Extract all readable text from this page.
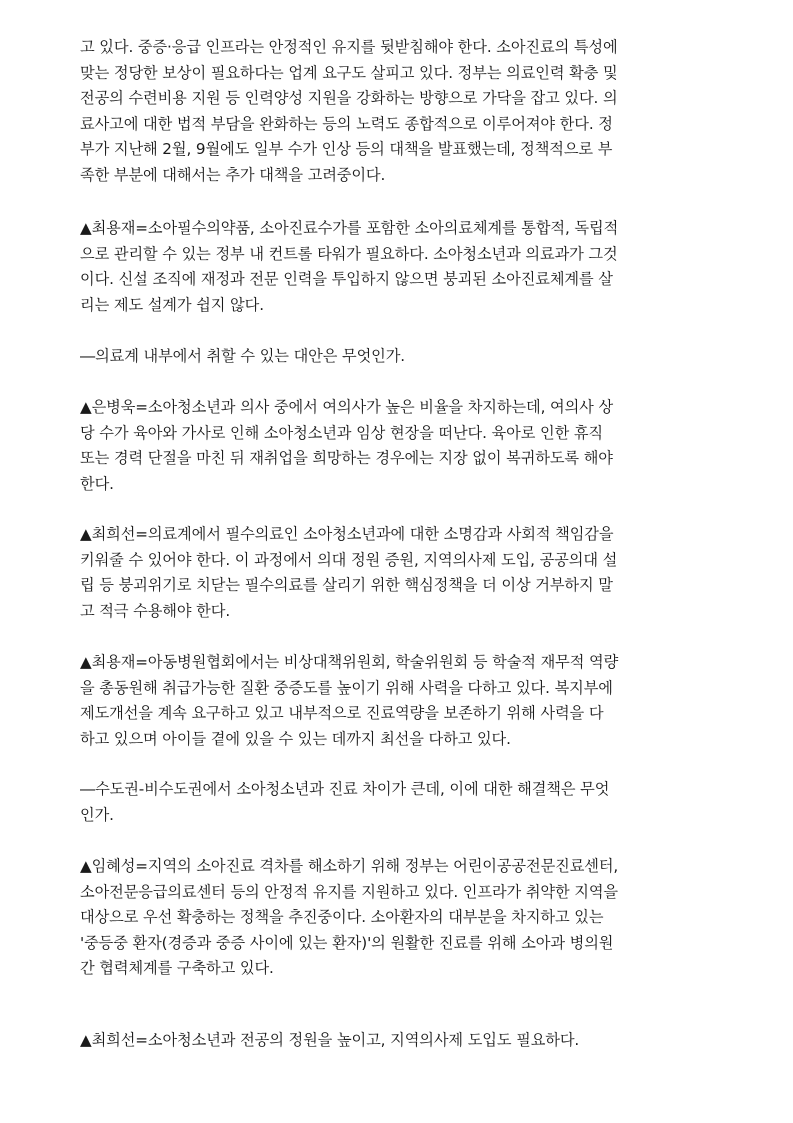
고 있다. 중증·응급 인프라는 안정적인 유지를 뒷받침해야 한다. 소아진료의 특성에
맞는 정당한 보상이 필요하다는 업계 요구도 살피고 있다. 정부는 의료인력 확충 및
전공의 수련비용 지원 등 인력양성 지원을 강화하는 방향으로 가닥을 잡고 있다. 의
료사고에 대한 법적 부담을 완화하는 등의 노력도 종합적으로 이루어져야 한다. 정
부가 지난해 2월, 9월에도 일부 수가 인상 등의 대책을 발표했는데, 정책적으로 부
족한 부분에 대해서는 추가 대책을 고려중이다.
▲최용재=소아필수의약품, 소아진료수가를 포함한 소아의료체계를 통합적, 독립적
으로 관리할 수 있는 정부 내 컨트롤 타워가 필요하다. 소아청소년과 의료과가 그것
이다. 신설 조직에 재정과 전문 인력을 투입하지 않으면 붕괴된 소아진료체계를 살
리는 제도 설계가 쉽지 않다.
―의료계 내부에서 취할 수 있는 대안은 무엇인가.
▲은병욱=소아청소년과 의사 중에서 여의사가 높은 비율을 차지하는데, 여의사 상
당 수가 육아와 가사로 인해 소아청소년과 임상 현장을 떠난다. 육아로 인한 휴직
또는 경력 단절을 마친 뒤 재취업을 희망하는 경우에는 지장 없이 복귀하도록 해야
한다.
▲최희선=의료계에서 필수의료인 소아청소년과에 대한 소명감과 사회적 책임감을
키워줄 수 있어야 한다. 이 과정에서 의대 정원 증원, 지역의사제 도입, 공공의대 설
립 등 붕괴위기로 치닫는 필수의료를 살리기 위한 핵심정책을 더 이상 거부하지 말
고 적극 수용해야 한다.
▲최용재=아동병원협회에서는 비상대책위원회, 학술위원회 등 학술적 재무적 역량
을 총동원해 취급가능한 질환 중증도를 높이기 위해 사력을 다하고 있다. 복지부에
제도개선을 계속 요구하고 있고 내부적으로 진료역량을 보존하기 위해 사력을 다
하고 있으며 아이들 곁에 있을 수 있는 데까지 최선을 다하고 있다.
―수도권-비수도권에서 소아청소년과 진료 차이가 큰데, 이에 대한 해결책은 무엇
인가.
▲임혜성=지역의 소아진료 격차를 해소하기 위해 정부는 어린이공공전문진료센터,
소아전문응급의료센터 등의 안정적 유지를 지원하고 있다. 인프라가 취약한 지역을
대상으로 우선 확충하는 정책을 추진중이다. 소아환자의 대부분을 차지하고 있는
'중등중 환자(경증과 중증 사이에 있는 환자)'의 원활한 진료를 위해 소아과 병의원
간 협력체계를 구축하고 있다.
▲최희선=소아청소년과 전공의 정원을 높이고, 지역의사제 도입도 필요하다.
